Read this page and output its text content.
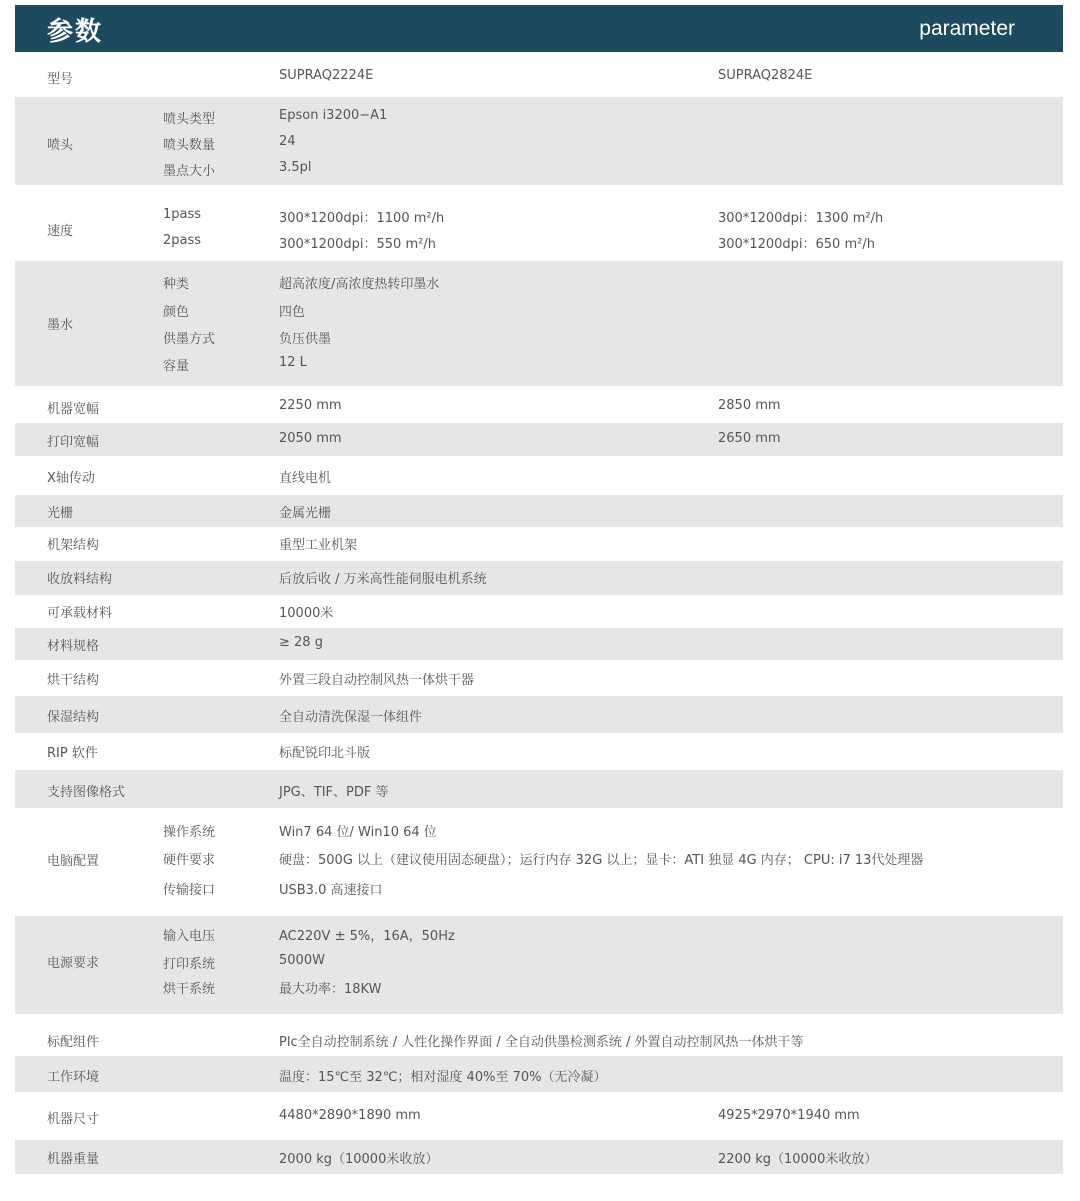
参数	parameter
型号	SUPRAQ2224E	SUPRAQ2824E
喷头
喷头类型	Epson i3200−A1
喷头数量	24
墨点大小	3.5pl
速度
1pass	300*1200dpi：1100 m²/h	300*1200dpi：1300 m²/h
2pass	300*1200dpi：550 m²/h	300*1200dpi：650 m²/h
墨水
种类	超高浓度/高浓度热转印墨水
颜色	四色
供墨方式	负压供墨
容量	12 L
机器宽幅	2250 mm	2850 mm
打印宽幅	2050 mm	2650 mm
X轴传动	直线电机
光栅	金属光栅
机架结构	重型工业机架
收放料结构	后放后收 / 万米高性能伺服电机系统
可承载材料	10000米
材料规格	≥ 28 g
烘干结构	外置三段自动控制风热一体烘干器
保湿结构	全自动清洗保湿一体组件
RIP 软件	标配锐印北斗版
支持图像格式	JPG、TIF、PDF 等
电脑配置
操作系统	Win7 64 位/ Win10 64 位
硬件要求	硬盘：500G 以上（建议使用固态硬盘）；运行内存 32G 以上；显卡：ATI 独显 4G 内存； CPU: i7 13代处理器
传输接口	USB3.0 高速接口
电源要求
输入电压	AC220V ± 5%，16A，50Hz
打印系统	5000W
烘干系统	最大功率：18KW
标配组件	Plc全自动控制系统 / 人性化操作界面 / 全自动供墨检测系统 / 外置自动控制风热一体烘干等
工作环境	温度：15℃至 32℃；相对湿度 40%至 70%（无冷凝）
机器尺寸	4480*2890*1890 mm	4925*2970*1940 mm
机器重量	2000 kg（10000米收放）	2200 kg（10000米收放）
